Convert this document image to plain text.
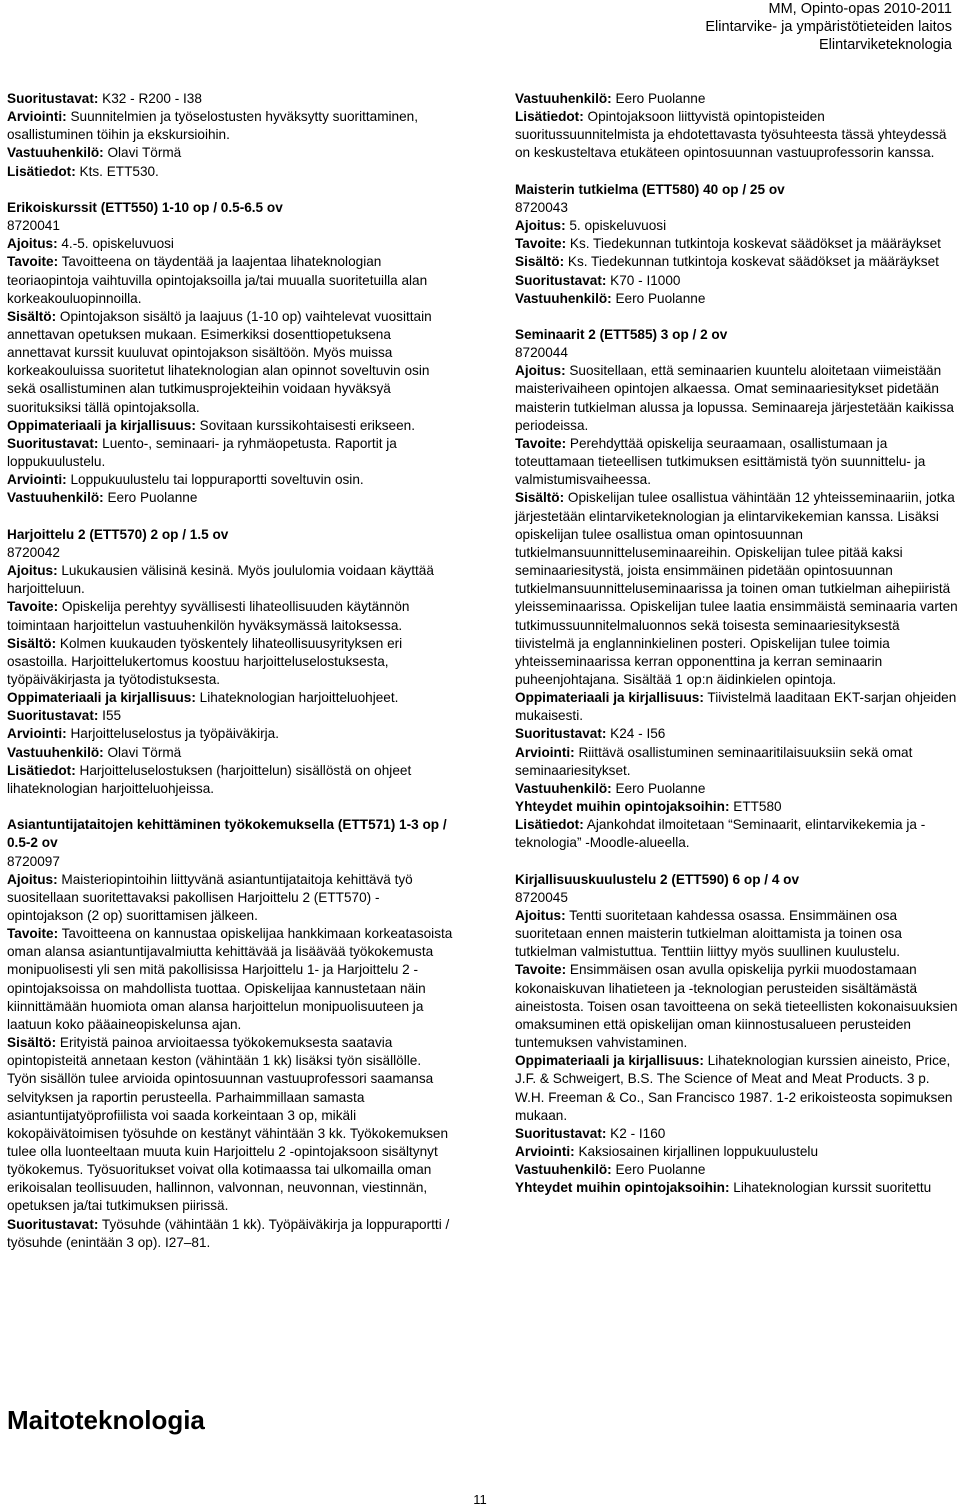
MM, Opinto-opas 2010-2011
Elintarvike- ja ympäristötieteiden laitos
Elintarviketeknologia
Suoritustavat: K32 - R200 - I38
Arviointi: Suunnitelmien ja työselostusten hyväksytty suorittaminen, osallistuminen töihin ja ekskursioihin.
Vastuuhenkilö: Olavi Törmä
Lisätiedot: Kts. ETT530.
Erikoiskurssit (ETT550) 1-10 op / 0.5-6.5 ov
8720041
Ajoitus: 4.-5. opiskeluvuosi
Tavoite: Tavoitteena on täydentää ja laajentaa lihateknologian teoriaopintoja vaihtuvilla opintojaksoilla ja/tai muualla suoritetuilla alan korkeakouluopinnoilla.
Sisältö: Opintojakson sisältö ja laajuus (1-10 op) vaihtelevat vuosittain annettavan opetuksen mukaan. Esimerkiksi dosenttiopetuksena annettavat kurssit kuuluvat opintojakson sisältöön. Myös muissa korkeakouluissa suoritetut lihateknologian alan opinnot soveltuvin osin sekä osallistuminen alan tutkimusprojekteihin voidaan hyväksyä suorituksiksi tällä opintojaksolla.
Oppimateriaali ja kirjallisuus: Sovitaan kurssikohtaisesti erikseen.
Suoritustavat: Luento-, seminaari- ja ryhmäopetusta. Raportit ja loppukuulustelu.
Arviointi: Loppukuulustelu tai loppuraportti soveltuvin osin.
Vastuuhenkilö: Eero Puolanne
Harjoittelu 2 (ETT570) 2 op / 1.5 ov
8720042
Ajoitus: Lukukausien välisinä kesinä. Myös joululomia voidaan käyttää harjoitteluun.
Tavoite: Opiskelija perehtyy syvällisesti lihateollisuuden käytännön toimintaan harjoittelun vastuuhenkilön hyväksymässä laitoksessa.
Sisältö: Kolmen kuukauden työskentely lihateollisuusyrityksen eri osastoilla. Harjoittelukertomus koostuu harjoitteluselostuksesta, työpäiväkirjasta ja työtodistuksesta.
Oppimateriaali ja kirjallisuus: Lihateknologian harjoitteluohjeet.
Suoritustavat: I55
Arviointi: Harjoitteluselostus ja työpäiväkirja.
Vastuuhenkilö: Olavi Törmä
Lisätiedot: Harjoitteluselostuksen (harjoittelun) sisällöstä on ohjeet lihateknologian harjoitteluohjeissa.
Asiantuntijataitojen kehittäminen työkokemuksella (ETT571) 1-3 op / 0.5-2 ov
8720097
Ajoitus: Maisteriopintoihin liittyvänä asiantuntijataitoja kehittävä työ suositellaan suoritettavaksi pakollisen Harjoittelu 2 (ETT570) -opintojakson (2 op) suorittamisen jälkeen.
Tavoite: Tavoitteena on kannustaa opiskelijaa hankkimaan korkeatasoista oman alansa asiantuntijavalmiutta kehittävää ja lisäävää työkokemusta monipuolisesti yli sen mitä pakollisissa Harjoittelu 1- ja Harjoittelu 2 -opintojaksoissa on mahdollista tuottaa. Opiskelijaa kannustetaan näin kiinnittämään huomiota oman alansa harjoittelun monipuolisuuteen ja laatuun koko pääaineopiskelunsa ajan.
Sisältö: Erityistä painoa arvioitaessa työkokemuksesta saatavia opintopisteitä annetaan keston (vähintään 1 kk) lisäksi työn sisällölle. Työn sisällön tulee arvioida opintosuunnan vastuuprofessori saamansa selvityksen ja raportin perusteella. Parhaimmillaan samasta asiantuntijatyöprofiilista voi saada korkeintaan 3 op, mikäli kokopäivätoimisen työsuhde on kestänyt vähintään 3 kk. Työkokemuksen tulee olla luonteeltaan muuta kuin Harjoittelu 2 -opintojaksoon sisältynyt työkokemus. Työsuoritukset voivat olla kotimaassa tai ulkomailla oman erikoisalan teollisuuden, hallinnon, valvonnan, neuvonnan, viestinnän, opetuksen ja/tai tutkimuksen piirissä.
Suoritustavat: Työsuhde (vähintään 1 kk). Työpäiväkirja ja loppuraportti / työsuhde (enintään 3 op). I27‒81.
Vastuuhenkilö: Eero Puolanne
Lisätiedot: Opintojaksoon liittyvistä opintopisteiden suoritussuunnitelmista ja ehdotettavasta työsuhteesta tässä yhteydessä on keskusteltava etukäteen opintosuunnan vastuuprofessorin kanssa.
Maisterin tutkielma (ETT580) 40 op / 25 ov
8720043
Ajoitus: 5. opiskeluvuosi
Tavoite: Ks. Tiedekunnan tutkintoja koskevat säädökset ja määräykset
Sisältö: Ks. Tiedekunnan tutkintoja koskevat säädökset ja määräykset
Suoritustavat: K70 - I1000
Vastuuhenkilö: Eero Puolanne
Seminaarit 2 (ETT585) 3 op / 2 ov
8720044
Ajoitus: Suositellaan, että seminaarien kuuntelu aloitetaan viimeistään maisterivaiheen opintojen alkaessa. Omat seminaariesitykset pidetään maisterin tutkielman alussa ja lopussa. Seminaareja järjestetään kaikissa periodeissa.
Tavoite: Perehdyttää opiskelija seuraamaan, osallistumaan ja toteuttamaan tieteellisen tutkimuksen esittämistä työn suunnittelu- ja valmistumisvaiheessa.
Sisältö: Opiskelijan tulee osallistua vähintään 12 yhteisseminaariin, jotka järjestetään elintarviketeknologian ja elintarvikekemian kanssa. Lisäksi opiskelijan tulee osallistua oman opintosuunnan tutkielmansuunnitteluseminaareihin. Opiskelijan tulee pitää kaksi seminaariesitystä, joista ensimmäinen pidetään opintosuunnan tutkielmansuunnitteluseminaarissa ja toinen oman tutkielman aihepiiristä yleisseminaarissa. Opiskelijan tulee laatia ensimmäistä seminaaria varten tutkimussuunnitelmaluonnos sekä toisesta seminaariesityksestä tiivistelmä ja englanninkielinen posteri. Opiskelijan tulee toimia yhteisseminaarissa kerran opponenttina ja kerran seminaarin puheenjohtajana. Sisältää 1 op:n äidinkielen opintoja.
Oppimateriaali ja kirjallisuus: Tiivistelmä laaditaan EKT-sarjan ohjeiden mukaisesti.
Suoritustavat: K24 - I56
Arviointi: Riittävä osallistuminen seminaaritilaisuuksiin sekä omat seminaariesitykset.
Vastuuhenkilö: Eero Puolanne
Yhteydet muihin opintojaksoihin: ETT580
Lisätiedot: Ajankohdat ilmoitetaan “Seminaarit, elintarvikekemia ja -teknologia” -Moodle-alueella.
Kirjallisuuskuulustelu 2 (ETT590) 6 op / 4 ov
8720045
Ajoitus: Tentti suoritetaan kahdessa osassa. Ensimmäinen osa suoritetaan ennen maisterin tutkielman aloittamista ja toinen osa tutkielman valmistuttua. Tenttiin liittyy myös suullinen kuulustelu.
Tavoite: Ensimmäisen osan avulla opiskelija pyrkii muodostamaan kokonaiskuvan lihatieteen ja -teknologian perusteiden sisältämästä aineistosta. Toisen osan tavoitteena on sekä tieteellisten kokonaisuuksien omaksuminen että opiskelijan oman kiinnostusalueen perusteiden tuntemuksen vahvistaminen.
Oppimateriaali ja kirjallisuus: Lihateknologian kurssien aineisto, Price, J.F. & Schweigert, B.S. The Science of Meat and Meat Products. 3 p. W.H. Freeman & Co., San Francisco 1987. 1-2 erikoisteosta sopimuksen mukaan.
Suoritustavat: K2 - I160
Arviointi: Kaksiosainen kirjallinen loppukuulustelu
Vastuuhenkilö: Eero Puolanne
Yhteydet muihin opintojaksoihin: Lihateknologian kurssit suoritettu
Maitoteknologia
11
